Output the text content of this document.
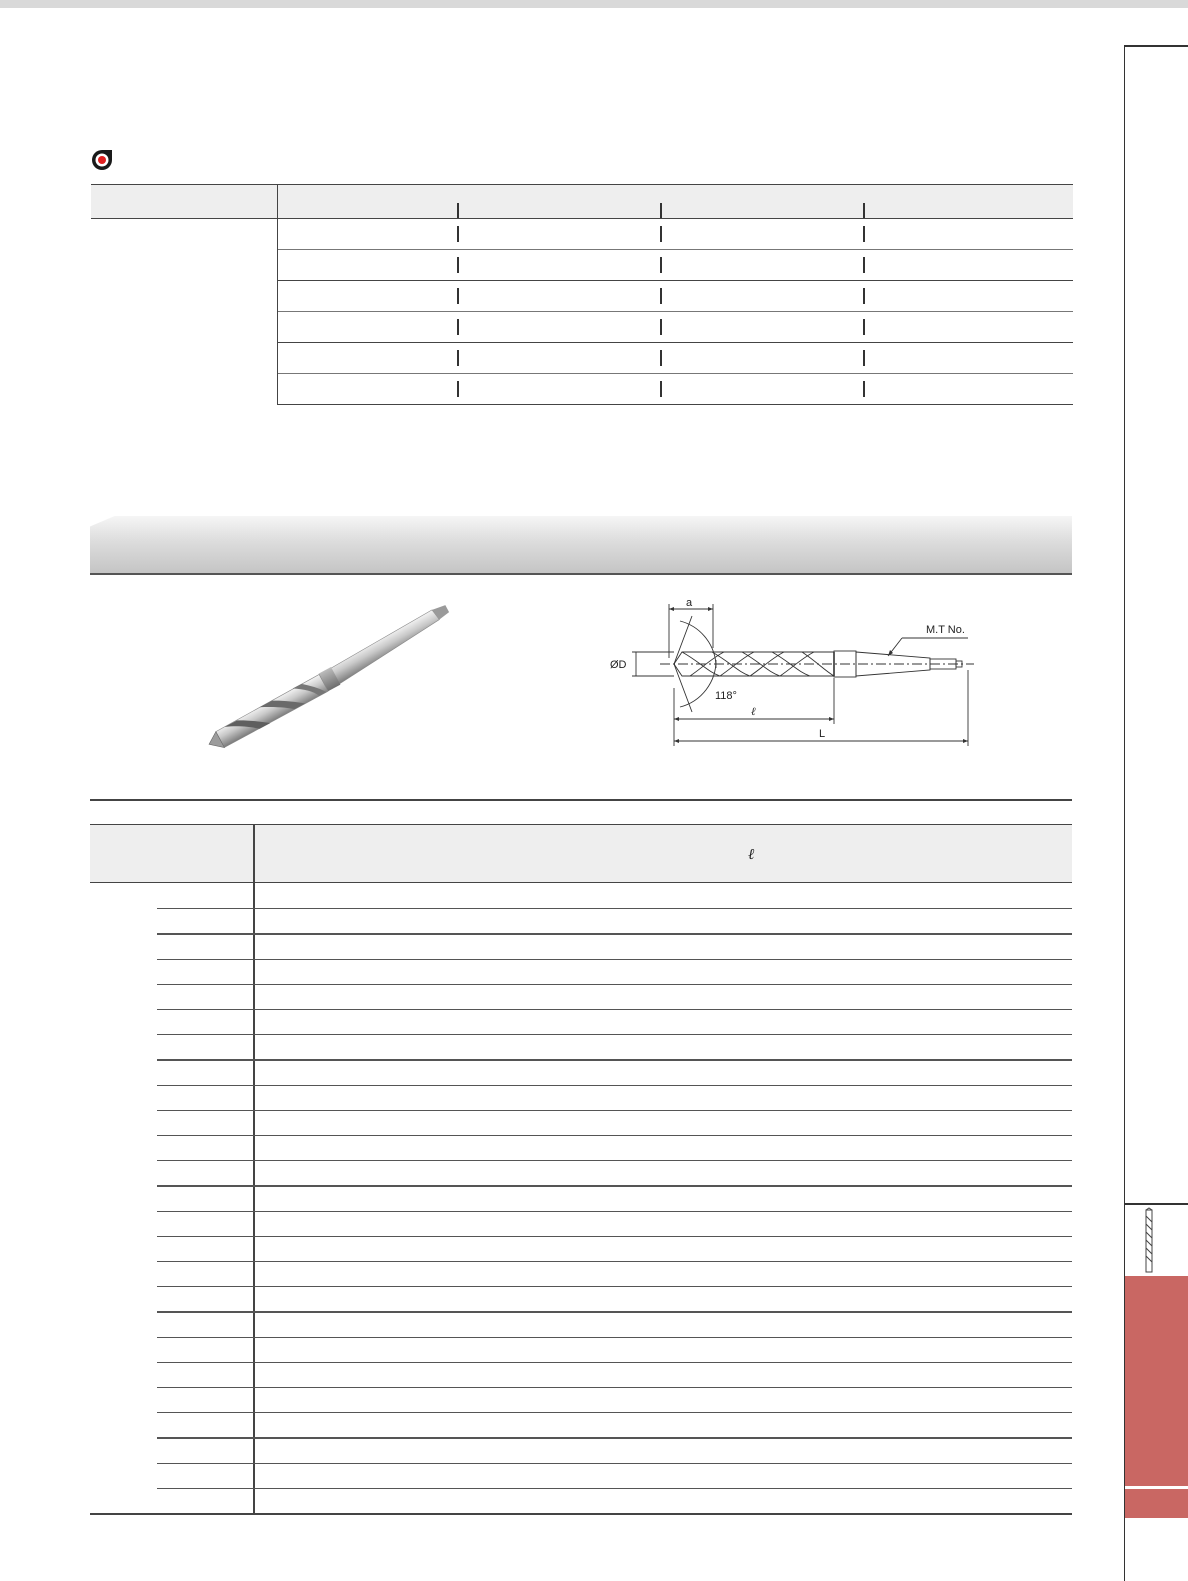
a
ØD
118°
ℓ
L
M.T No.
ℓ
